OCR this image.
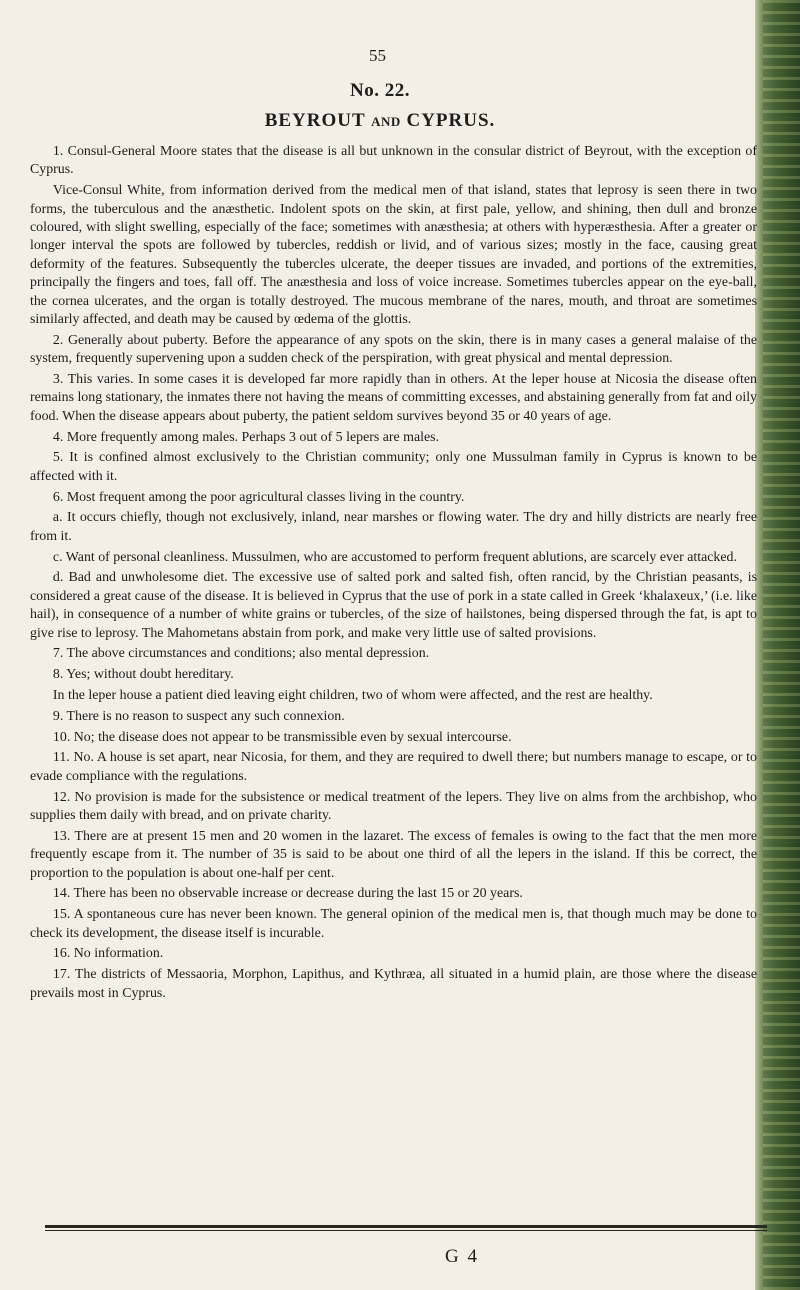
55
No. 22.
BEYROUT AND CYPRUS.

1. Consul-General Moore states that the disease is all but unknown in the consular district of Beyrout, with the exception of Cyprus.

Vice-Consul White, from information derived from the medical men of that island, states that leprosy is seen there in two forms, the tuberculous and the anæsthetic. Indolent spots on the skin, at first pale, yellow, and shining, then dull and bronze coloured, with slight swelling, especially of the face; sometimes with anæsthesia; at others with hyperæsthesia. After a greater or longer interval the spots are followed by tubercles, reddish or livid, and of various sizes; mostly in the face, causing great deformity of the features. Subsequently the tubercles ulcerate, the deeper tissues are invaded, and portions of the extremities, principally the fingers and toes, fall off. The anæsthesia and loss of voice increase. Sometimes tubercles appear on the eye-ball, the cornea ulcerates, and the organ is totally destroyed. The mucous membrane of the nares, mouth, and throat are sometimes similarly affected, and death may be caused by œdema of the glottis.

2. Generally about puberty. Before the appearance of any spots on the skin, there is in many cases a general malaise of the system, frequently supervening upon a sudden check of the perspiration, with great physical and mental depression.

3. This varies. In some cases it is developed far more rapidly than in others. At the leper house at Nicosia the disease often remains long stationary, the inmates there not having the means of committing excesses, and abstaining generally from fat and oily food. When the disease appears about puberty, the patient seldom survives beyond 35 or 40 years of age.

4. More frequently among males. Perhaps 3 out of 5 lepers are males.

5. It is confined almost exclusively to the Christian community; only one Mussulman family in Cyprus is known to be affected with it.

6. Most frequent among the poor agricultural classes living in the country.

a. It occurs chiefly, though not exclusively, inland, near marshes or flowing water. The dry and hilly districts are nearly free from it.

c. Want of personal cleanliness. Mussulmen, who are accustomed to perform frequent ablutions, are scarcely ever attacked.

d. Bad and unwholesome diet. The excessive use of salted pork and salted fish, often rancid, by the Christian peasants, is considered a great cause of the disease. It is believed in Cyprus that the use of pork in a state called in Greek ‘khalaxeux,’ (i.e. like hail), in consequence of a number of white grains or tubercles, of the size of hailstones, being dispersed through the fat, is apt to give rise to leprosy. The Mahometans abstain from pork, and make very little use of salted provisions.

7. The above circumstances and conditions; also mental depression.

8. Yes; without doubt hereditary.

In the leper house a patient died leaving eight children, two of whom were affected, and the rest are healthy.

9. There is no reason to suspect any such connexion.

10. No; the disease does not appear to be transmissible even by sexual intercourse.

11. No. A house is set apart, near Nicosia, for them, and they are required to dwell there; but numbers manage to escape, or to evade compliance with the regulations.

12. No provision is made for the subsistence or medical treatment of the lepers. They live on alms from the archbishop, who supplies them daily with bread, and on private charity.

13. There are at present 15 men and 20 women in the lazaret. The excess of females is owing to the fact that the men more frequently escape from it. The number of 35 is said to be about one third of all the lepers in the island. If this be correct, the proportion to the population is about one-half per cent.

14. There has been no observable increase or decrease during the last 15 or 20 years.

15. A spontaneous cure has never been known. The general opinion of the medical men is, that though much may be done to check its development, the disease itself is incurable.

16. No information.

17. The districts of Messaoria, Morphon, Lapithus, and Kythræa, all situated in a humid plain, are those where the disease prevails most in Cyprus.

G 4
